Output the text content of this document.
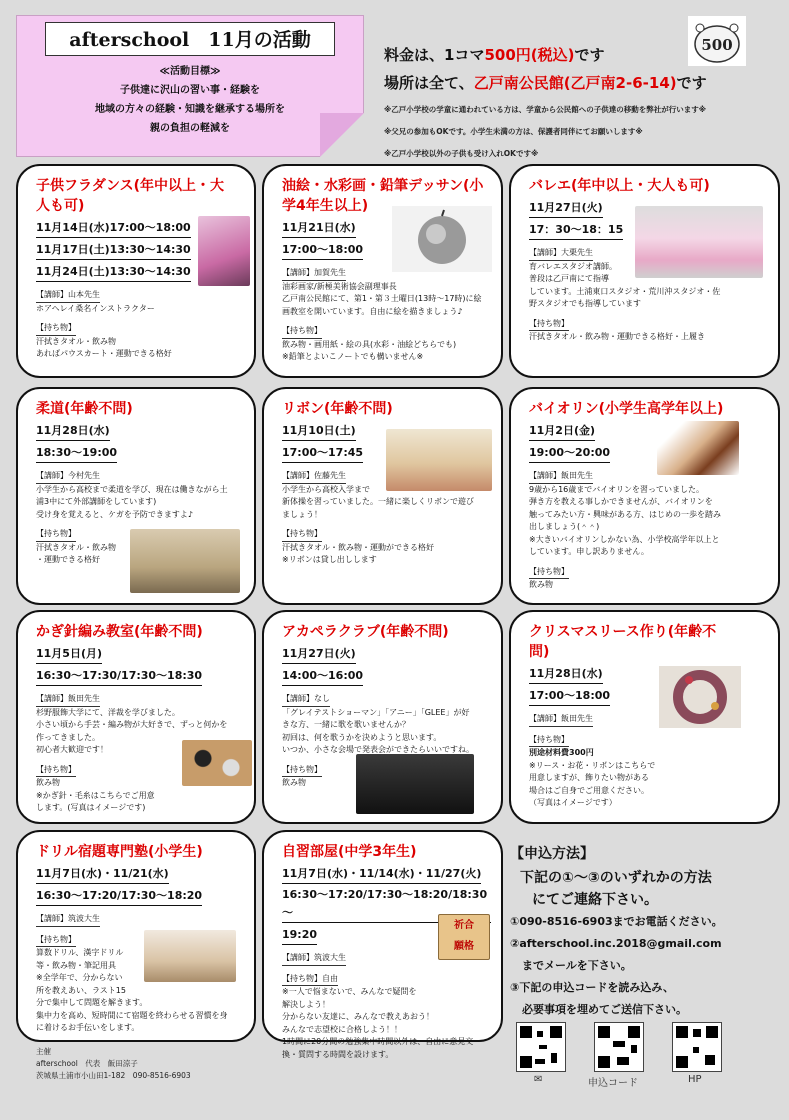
afterschool　11月の活動
≪活動目標≫
子供達に沢山の習い事・経験を
地域の方々の経験・知識を継承する場所を
親の負担の軽減を
料金は、1コマ500円(税込)です
場所は全て、乙戸南公民館(乙戸南2-6-14)です
※乙戸小学校の学童に通われている方は、学童から公民館への子供達の移動を弊社が行います※
※父兄の参加もOKです。小学生未満の方は、保護者同伴にてお願いします※
※乙戸小学校以外の子供も受け入れOKです※
500
子供フラダンス(年中以上・大人も可)
11月14日(水)17:00～18:00
11月17日(土)13:30～14:30
11月24日(土)13:30～14:30
【講師】山本先生
ホアヘレイ桑名インストラクター
【持ち物】
汗拭きタオル・飲み物
あればパウスカート・運動できる格好
油絵・水彩画・鉛筆デッサン(小学4年生以上)
11月21日(水)
17:00～18:00
【講師】加賀先生
油彩画家/新極美術協会副理事長
乙戸南公民館にて、第1・第３土曜日(13時～17時)に絵
画教室を開いています。自由に絵を描きましょう♪
【持ち物】
飲み物・画用紙・絵の具(水彩・油絵どちらでも)
※鉛筆とよいこノートでも構いません※
バレエ(年中以上・大人も可)
11月27日(火)
17：30～18：15
【講師】大栗先生
育バレエスタジオ講師。
普段は乙戸南にて指導
しています。土浦東口スタジオ・荒川沖スタジオ・佐
野スタジオでも指導しています
【持ち物】
汗拭きタオル・飲み物・運動できる格好・上履き
柔道(年齢不問)
11月28日(水)
18:30～19:00
【講師】今村先生
小学生から高校まで柔道を学び、現在は働きながら土
浦3中にて外部講師をしています)
受け身を覚えると、ケガを予防できますよ♪
【持ち物】
汗拭きタオル・飲み物
・運動できる格好
リボン(年齢不問)
11月10日(土)
17:00～17:45
【講師】佐藤先生
小学生から高校入学まで
新体操を習っていました。一緒に楽しくリボンで遊び
ましょう！
【持ち物】
汗拭きタオル・飲み物・運動ができる格好
※リボンは貸し出しします
バイオリン(小学生高学年以上)
11月2日(金)
19:00～20:00
【講師】飯田先生
9歳から16歳までバイオリンを習っていました。
弾き方を教える事しかできませんが、バイオリンを
触ってみたい方・興味がある方、はじめの一歩を踏み
出しましょう(＾＾)
※大きいバイオリンしかない為、小学校高学年以上と
しています。申し訳ありません。
【持ち物】
飲み物
かぎ針編み教室(年齢不問)
11月5日(月)
16:30～17:30/17:30～18:30
【講師】飯田先生
杉野服飾大学にて、洋裁を学びました。
小さい頃から手芸・編み物が大好きで、ずっと何かを
作ってきました。
初心者大歓迎です！
【持ち物】
飲み物
※かぎ針・毛糸はこちらでご用意
します。(写真はイメージです)
アカペラクラブ(年齢不問)
11月27日(火)
14:00～16:00
【講師】なし
「グレイテストショーマン」「アニー」「GLEE」が好
きな方、一緒に歌を歌いませんか？
初回は、何を歌うかを決めようと思います。
いつか、小さな会場で発表会ができたらいいですね。
【持ち物】
飲み物
クリスマスリース作り(年齢不問)
11月28日(水)
17:00～18:00
【講師】飯田先生
【持ち物】
別途材料費300円
※リース・お花・リボンはこちらで
用意しますが、飾りたい物がある
場合はご自身でご用意ください。
（写真はイメージです）
ドリル宿題専門塾(小学生)
11月7日(水)・11/21(水)
16:30～17:20/17:30～18:20
【講師】筑波大生
【持ち物】
算数ドリル、漢字ドリル
等・飲み物・筆記用具
※全学年で、分からない
所を教えあい、ラスト15
分で集中して問題を解きます。
集中力を高め、短時間にて宿題を終わらせる習慣を身
に着けるお手伝いをします。
自習部屋(中学3年生)
11月7日(水)・11/14(水)・11/27(火)
16:30～17:20/17:30～18:20/18:30～
19:20
【講師】筑波大生
【持ち物】自由
※一人で悩まないで、みんなで疑問を
解決しよう！
分からない友達に、みんなで教えあおう！
みんなで志望校に合格しよう！！
1時間に20分間の勉強集中時間以外は、自由に意見交
換・質問する時間を設けます。
祈合
願格
【申込方法】
下記の①～③のいずれかの方法
にてご連絡下さい。
①090-8516-6903までお電話ください。
②afterschool.inc.2018@gmail.com
までメールを下さい。
③下記の申込コードを読み込み、
必要事項を埋めてご送信下さい。
✉	申込コード	HP
主催
afterschool　代表　飯田涼子
茨城県土浦市小山田1-182　090-8516-6903
